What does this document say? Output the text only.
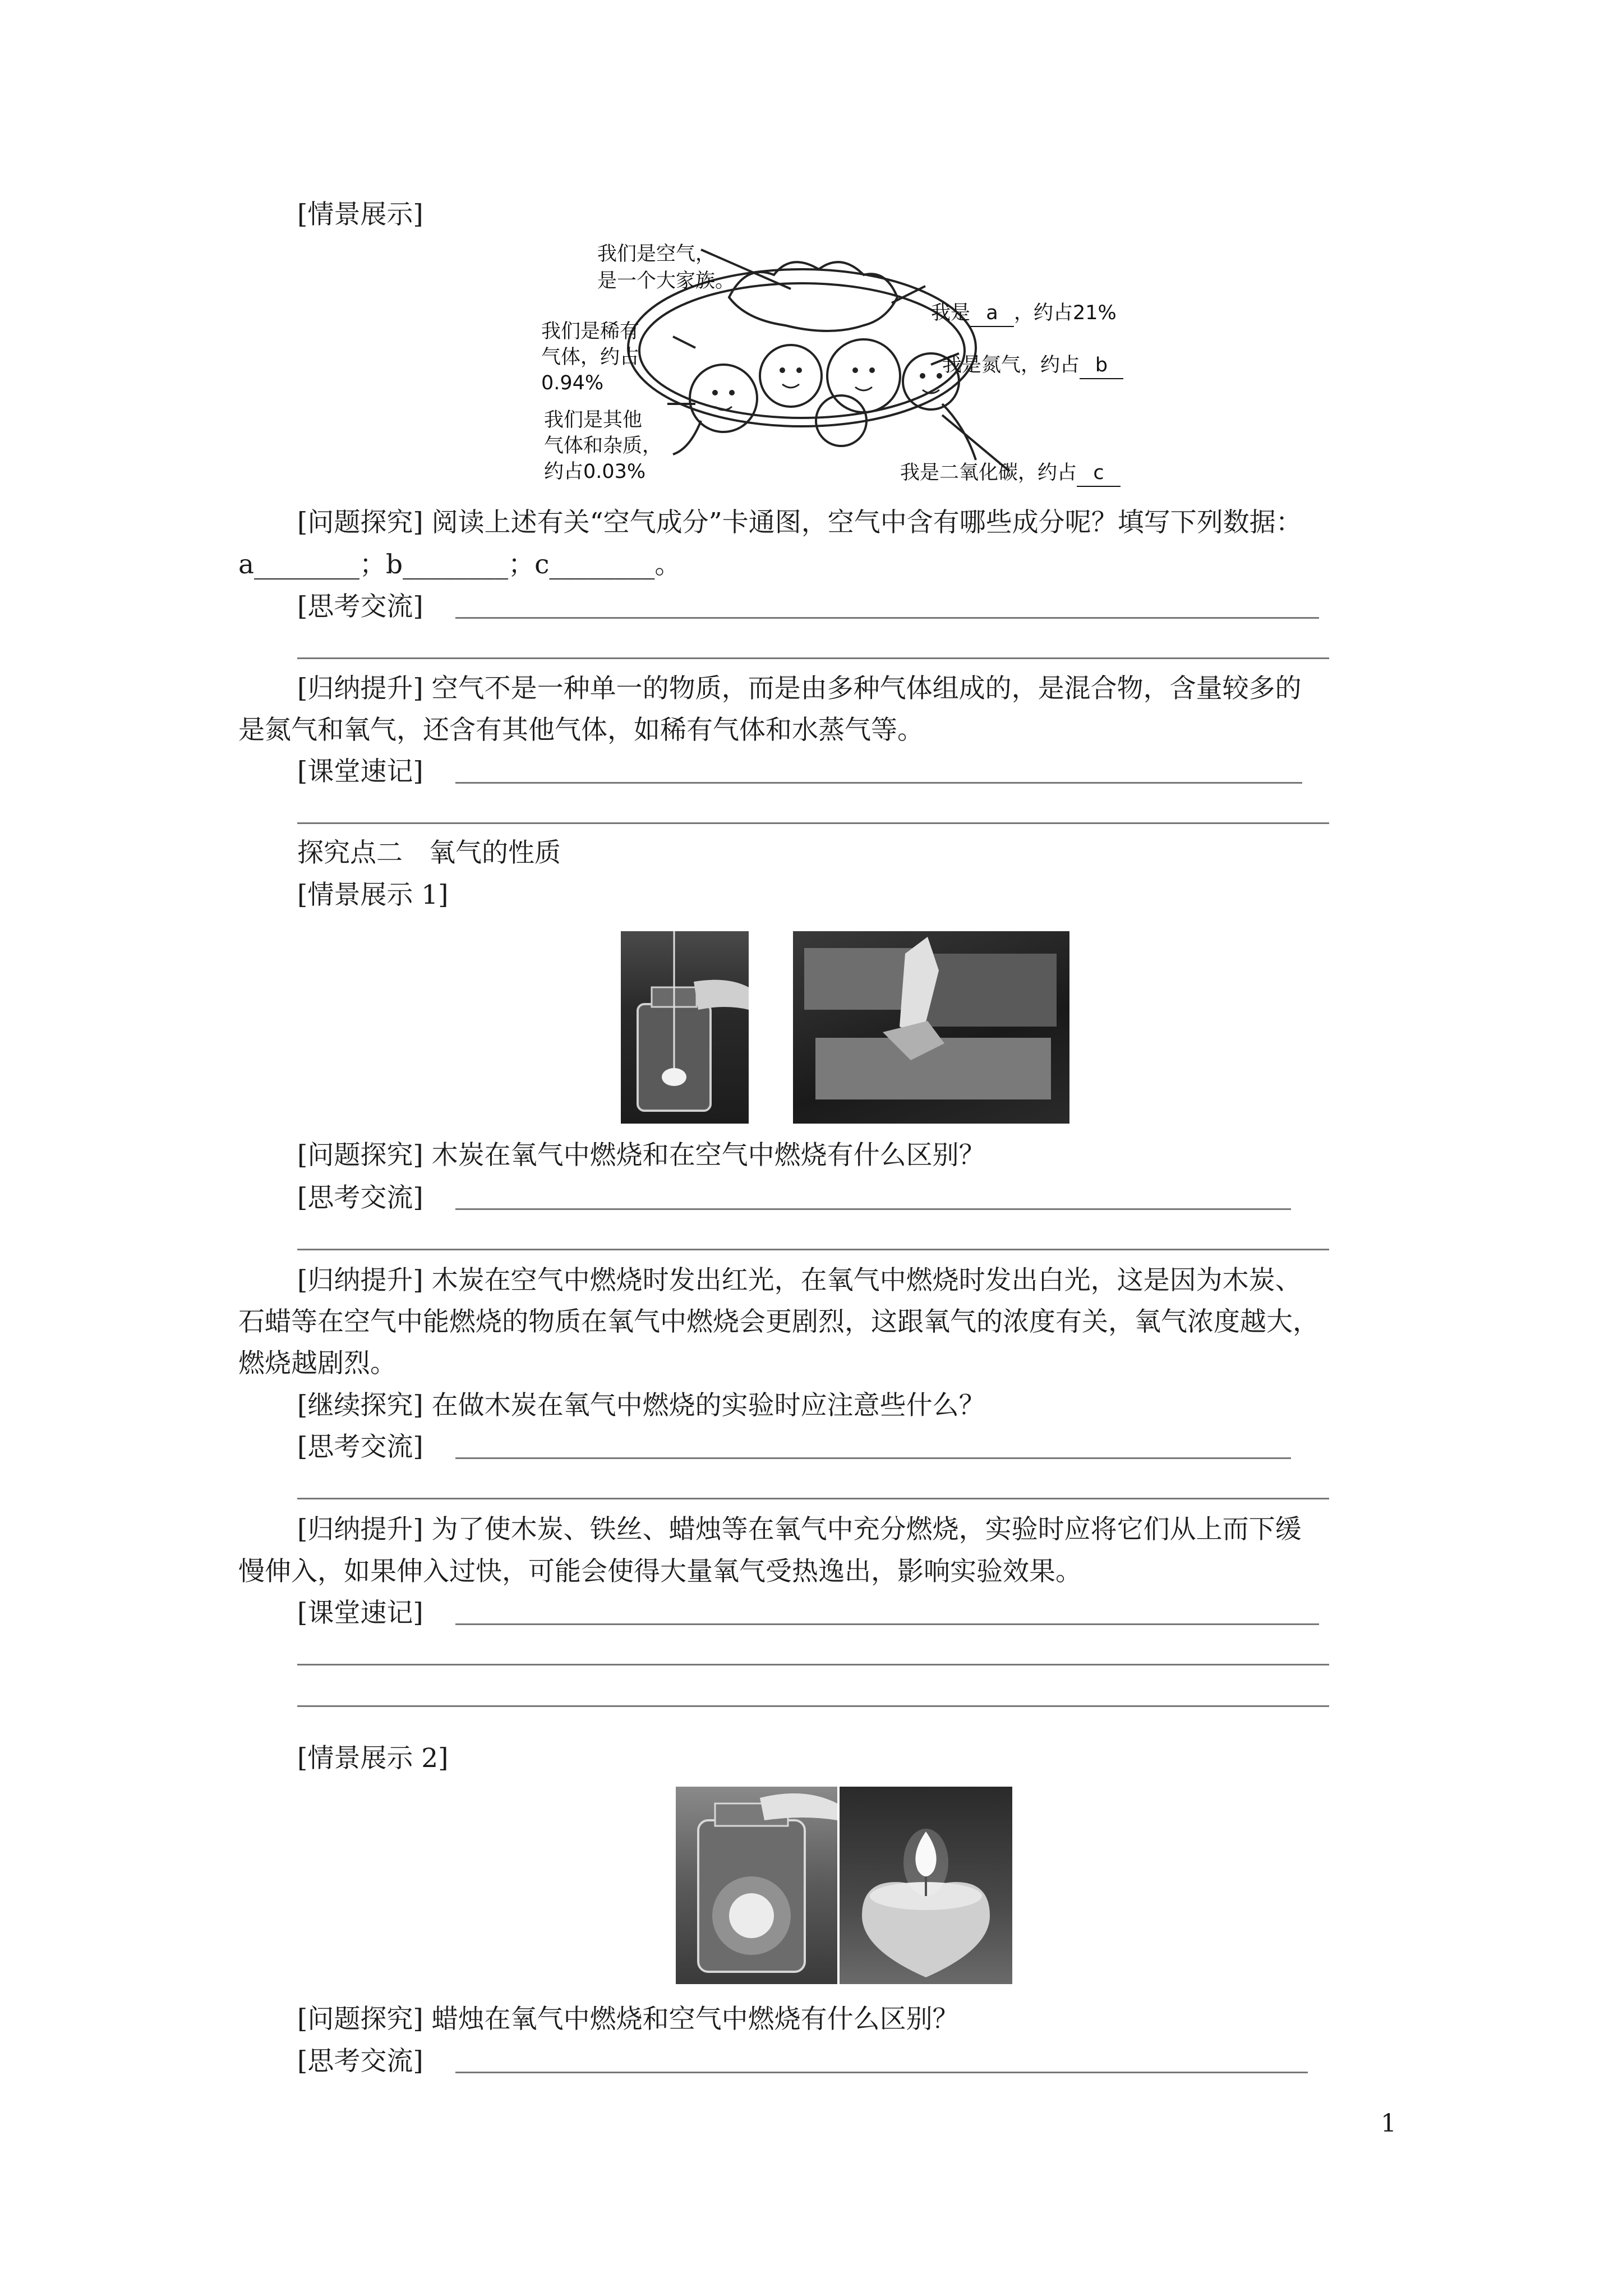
[情景展示]
我们是空气，
是一个大家族。
我们是稀有
气体，约占
0.94%
我们是其他
气体和杂质，
约占0.03%
我是 a ，约占21%
我是氮气，约占 b
我是二氧化碳，约占 c
[问题探究] 阅读上述有关“空气成分”卡通图，空气中含有哪些成分呢？填写下列数据：
a________；b________；c________。
[思考交流]
[归纳提升] 空气不是一种单一的物质，而是由多种气体组成的，是混合物，含量较多的
是氮气和氧气，还含有其他气体，如稀有气体和水蒸气等。
[课堂速记]
探究点二　氧气的性质
[情景展示 1]
[问题探究] 木炭在氧气中燃烧和在空气中燃烧有什么区别？
[思考交流]
[归纳提升] 木炭在空气中燃烧时发出红光，在氧气中燃烧时发出白光，这是因为木炭、
石蜡等在空气中能燃烧的物质在氧气中燃烧会更剧烈，这跟氧气的浓度有关，氧气浓度越大，
燃烧越剧烈。
[继续探究] 在做木炭在氧气中燃烧的实验时应注意些什么？
[思考交流]
[归纳提升] 为了使木炭、铁丝、蜡烛等在氧气中充分燃烧，实验时应将它们从上而下缓
慢伸入，如果伸入过快，可能会使得大量氧气受热逸出，影响实验效果。
[课堂速记]
[情景展示 2]
[问题探究] 蜡烛在氧气中燃烧和空气中燃烧有什么区别？
[思考交流]
1
